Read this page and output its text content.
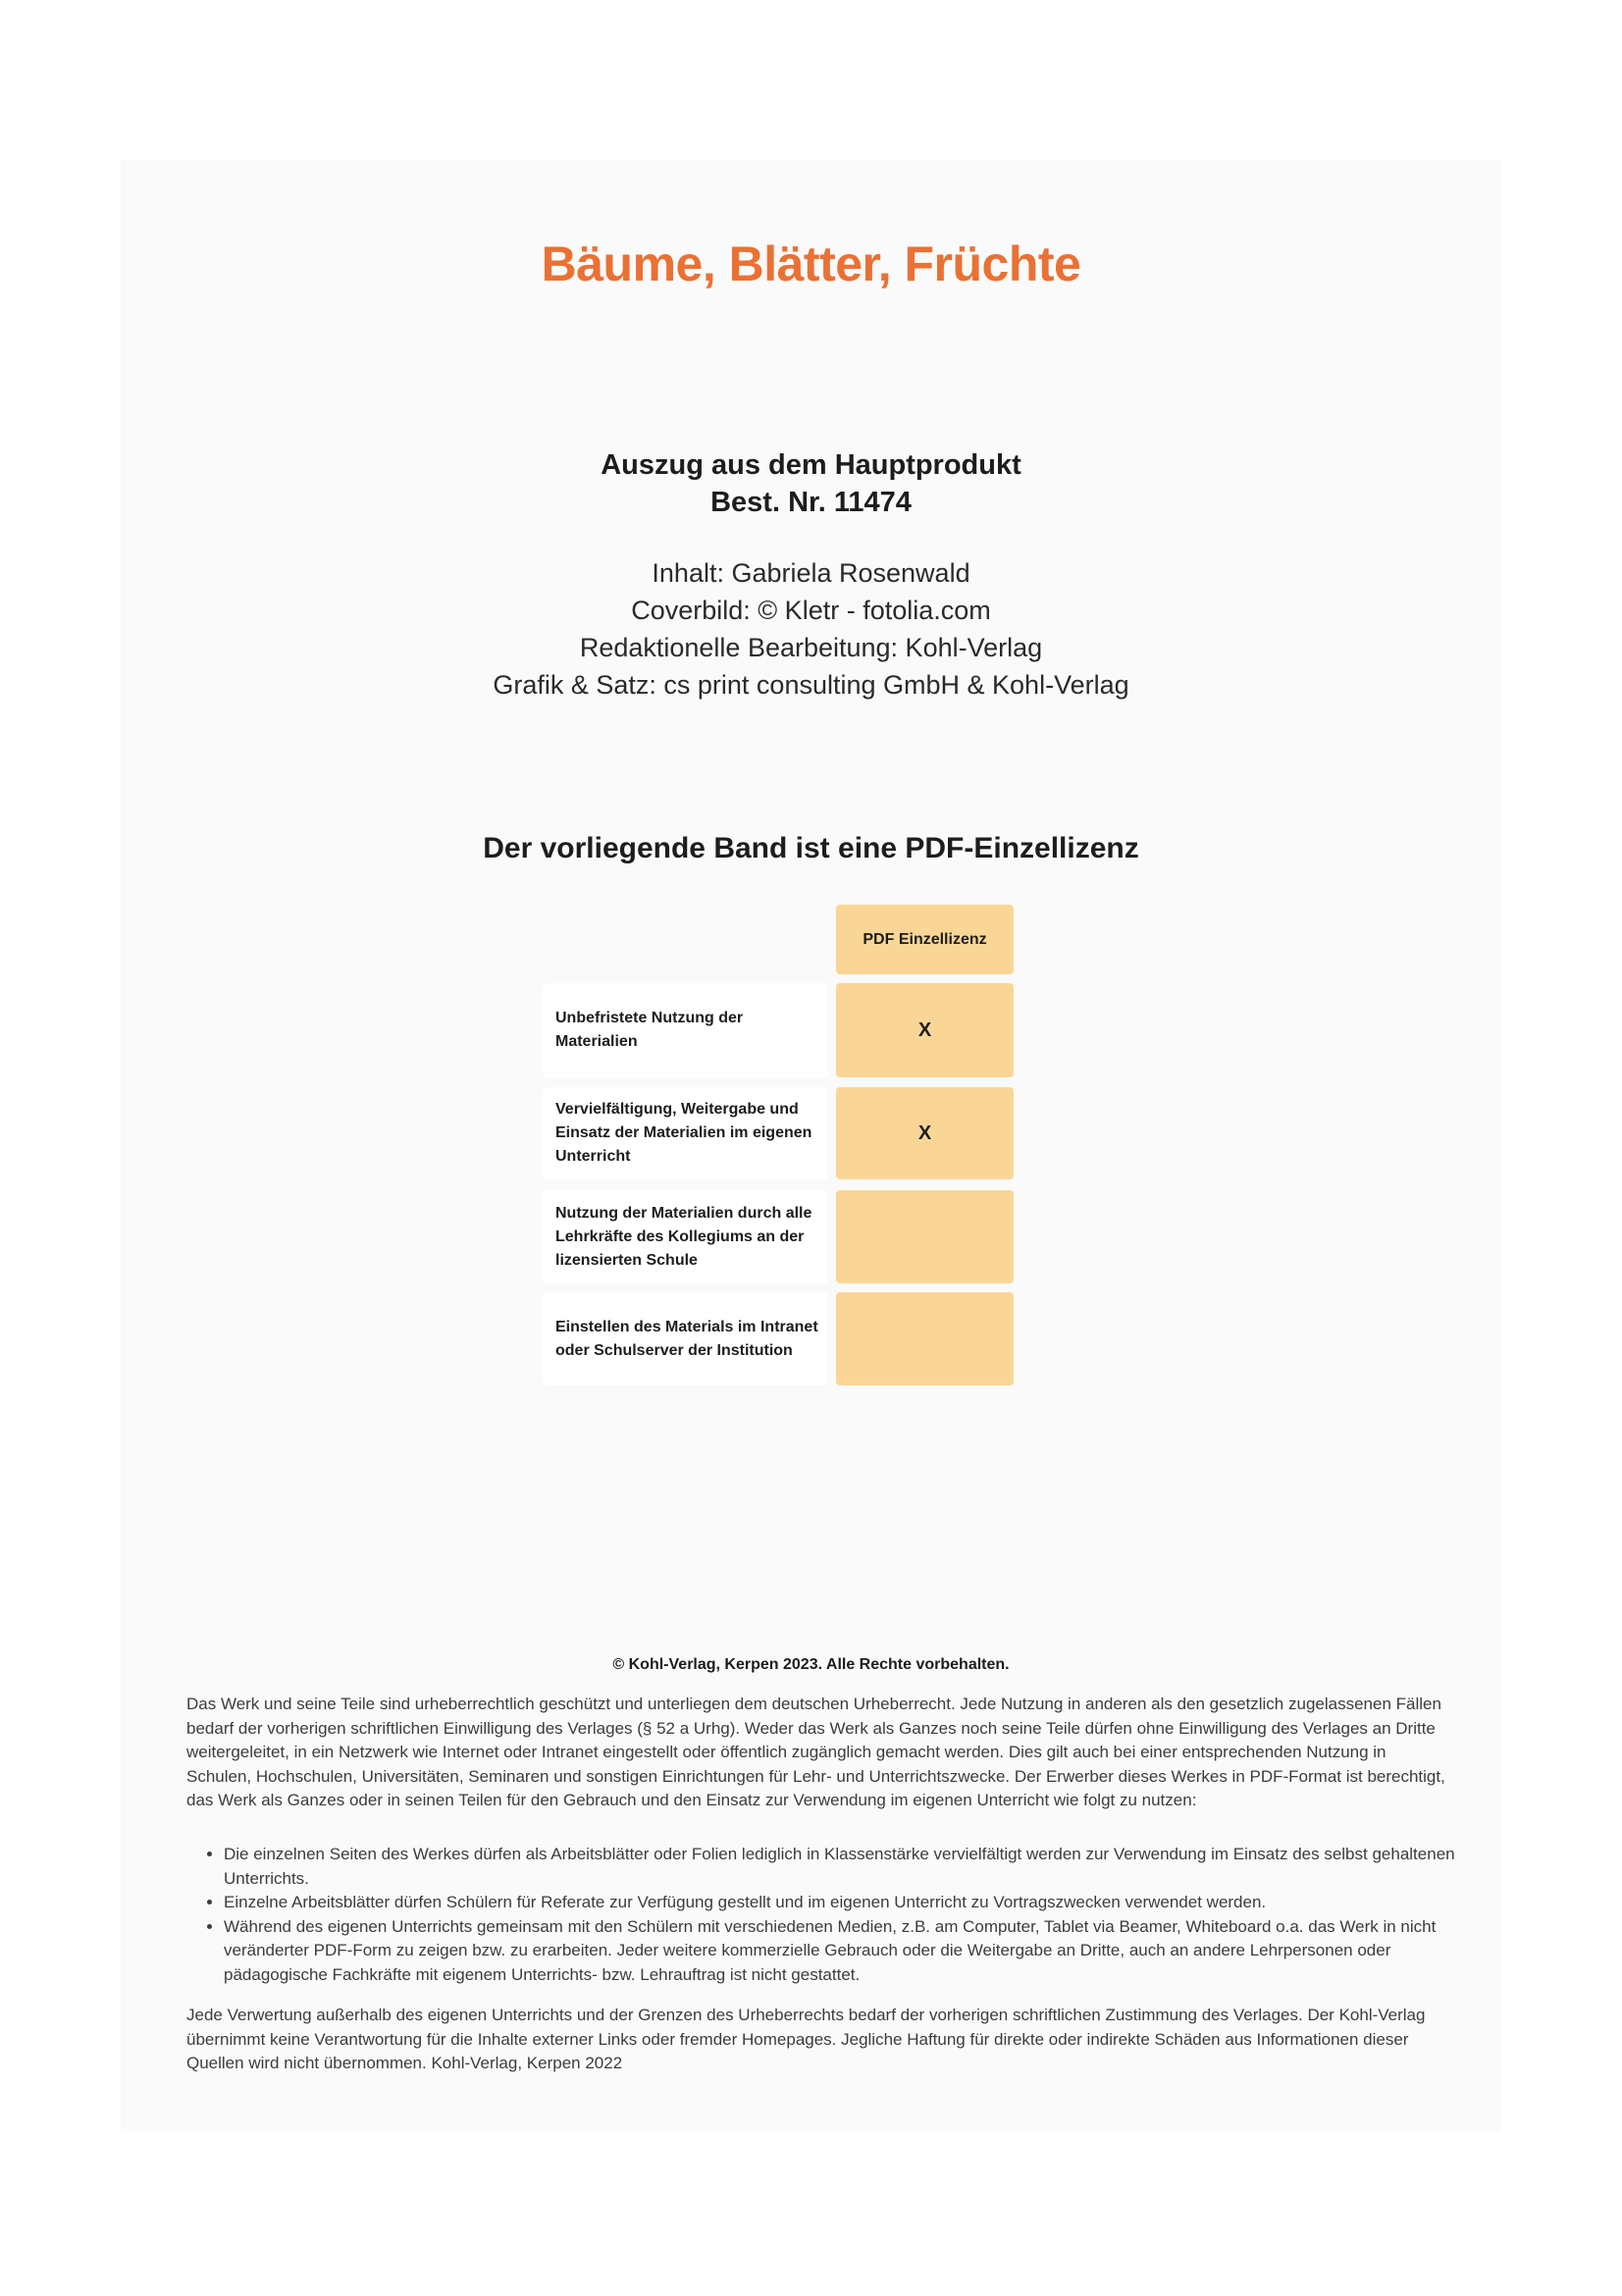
Bäume, Blätter, Früchte
Auszug aus dem Hauptprodukt
Best. Nr. 11474
Inhalt: Gabriela Rosenwald
Coverbild: © Kletr - fotolia.com
Redaktionelle Bearbeitung: Kohl-Verlag
Grafik & Satz: cs print consulting GmbH & Kohl-Verlag
Der vorliegende Band ist eine PDF-Einzellizenz
PDF Einzellizenz
Unbefristete Nutzung der Materialien
X
Vervielfältigung, Weitergabe und Einsatz der Materialien im eigenen Unterricht
X
Nutzung der Materialien durch alle Lehrkräfte des Kollegiums an der lizensierten Schule
Einstellen des Materials im Intranet oder Schulserver der Institution
© Kohl-Verlag, Kerpen 2023. Alle Rechte vorbehalten.

Das Werk und seine Teile sind urheberrechtlich geschützt und unterliegen dem deutschen Urheberrecht. Jede Nutzung in anderen als den gesetzlich zugelassenen Fällen bedarf der vorherigen schriftlichen Einwilligung des Verlages (§ 52 a Urhg). Weder das Werk als Ganzes noch seine Teile dürfen ohne Einwilligung des Verlages an Dritte weitergeleitet, in ein Netzwerk wie Internet oder Intranet eingestellt oder öffentlich zugänglich gemacht werden. Dies gilt auch bei einer entsprechenden Nutzung in Schulen, Hochschulen, Universitäten, Seminaren und sonstigen Einrichtungen für Lehr- und Unterrichtszwecke. Der Erwerber dieses Werkes in PDF-Format ist berechtigt, das Werk als Ganzes oder in seinen Teilen für den Gebrauch und den Einsatz zur Verwendung im eigenen Unterricht wie folgt zu nutzen:

• Die einzelnen Seiten des Werkes dürfen als Arbeitsblätter oder Folien lediglich in Klassenstärke vervielfältigt werden zur Verwendung im Einsatz des selbst gehaltenen Unterrichts.
• Einzelne Arbeitsblätter dürfen Schülern für Referate zur Verfügung gestellt und im eigenen Unterricht zu Vortragszwecken verwendet werden.
• Während des eigenen Unterrichts gemeinsam mit den Schülern mit verschiedenen Medien, z.B. am Computer, Tablet via Beamer, Whiteboard o.a. das Werk in nicht veränderter PDF-Form zu zeigen bzw. zu erarbeiten. Jeder weitere kommerzielle Gebrauch oder die Weitergabe an Dritte, auch an andere Lehrpersonen oder pädagogische Fachkräfte mit eigenem Unterrichts- bzw. Lehrauftrag ist nicht gestattet.

Jede Verwertung außerhalb des eigenen Unterrichts und der Grenzen des Urheberrechts bedarf der vorherigen schriftlichen Zustimmung des Verlages. Der Kohl-Verlag übernimmt keine Verantwortung für die Inhalte externer Links oder fremder Homepages. Jegliche Haftung für direkte oder indirekte Schäden aus Informationen dieser Quellen wird nicht übernommen. Kohl-Verlag, Kerpen 2022
